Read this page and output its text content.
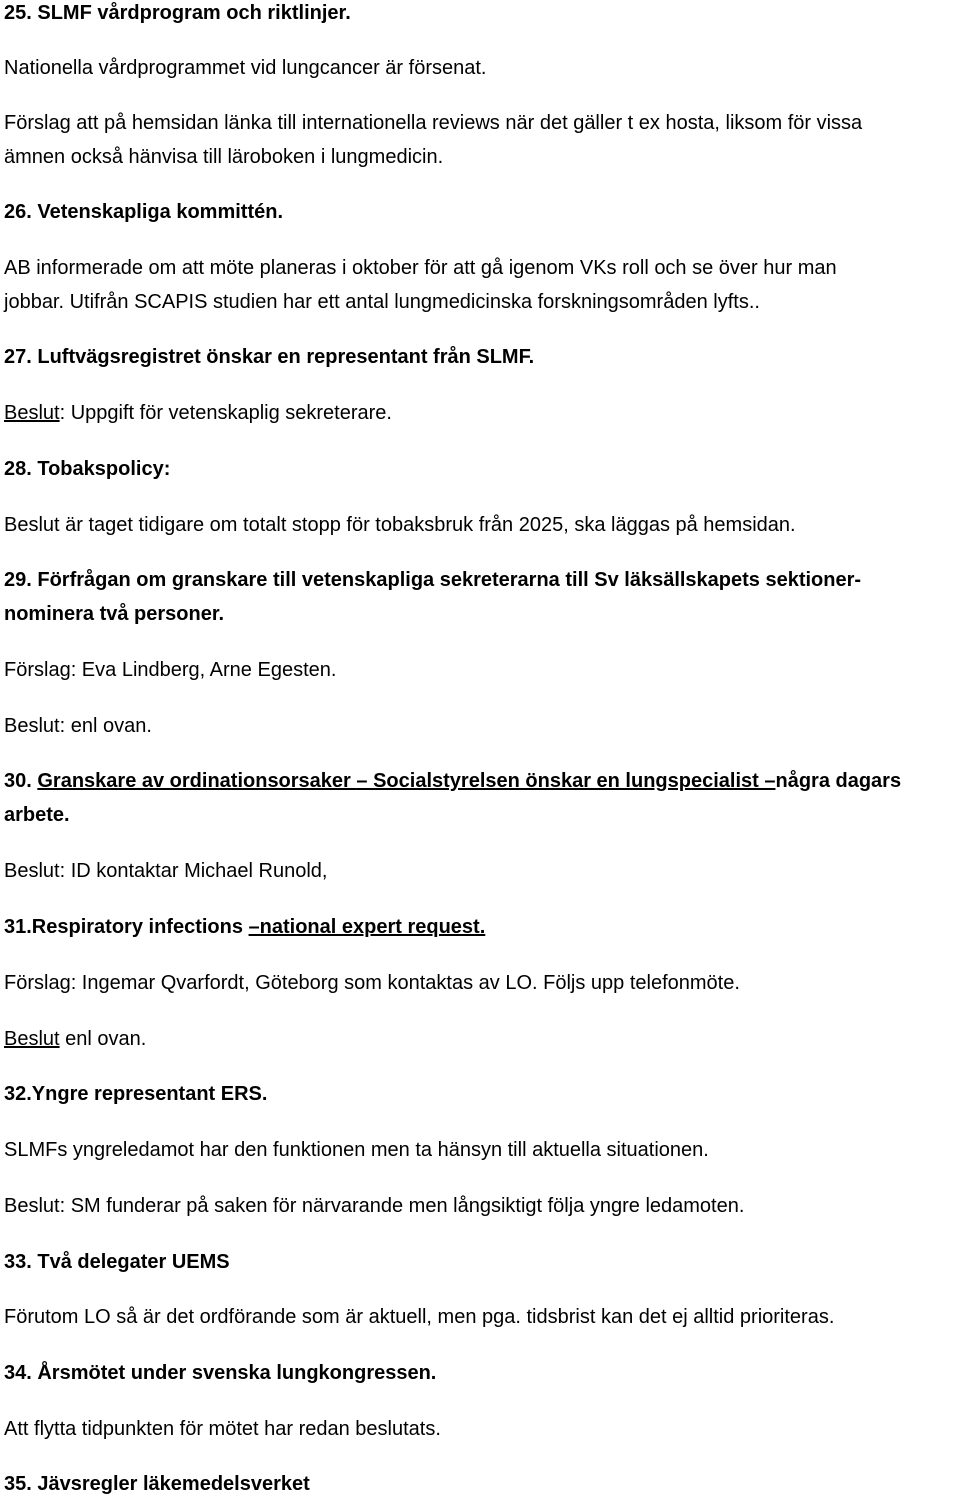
25. SLMF vårdprogram och riktlinjer.
Nationella vårdprogrammet vid lungcancer är försenat.
Förslag att på hemsidan länka till internationella reviews när det gäller t ex hosta, liksom för vissa
ämnen också hänvisa till läroboken i lungmedicin.
26. Vetenskapliga kommittén.
AB informerade om att möte planeras i oktober för att gå igenom VKs roll och se över hur man
jobbar. Utifrån SCAPIS studien har ett antal lungmedicinska forskningsområden lyfts..
27. Luftvägsregistret önskar en representant från SLMF.
Beslut: Uppgift för vetenskaplig sekreterare.
28. Tobakspolicy:
Beslut är taget tidigare om totalt stopp för tobaksbruk från 2025, ska läggas på hemsidan.
29. Förfrågan om granskare till vetenskapliga sekreterarna till Sv läksällskapets sektioner-
nominera två personer.
Förslag: Eva Lindberg, Arne Egesten.
Beslut: enl ovan.
30. Granskare av ordinationsorsaker – Socialstyrelsen önskar en lungspecialist –några dagars
arbete.
Beslut: ID kontaktar Michael Runold,
31.Respiratory infections –national expert request.
Förslag: Ingemar Qvarfordt, Göteborg som kontaktas av LO. Följs upp telefonmöte.
Beslut enl ovan.
32.Yngre representant ERS.
SLMFs yngreledamot har den funktionen men ta hänsyn till aktuella situationen.
Beslut: SM funderar på saken för närvarande men långsiktigt följa yngre ledamoten.
33. Två delegater UEMS
Förutom LO så är det ordförande som är aktuell, men pga. tidsbrist kan det ej alltid prioriteras.
34. Årsmötet under svenska lungkongressen.
Att flytta tidpunkten för mötet har redan beslutats.
35. Jävsregler läkemedelsverket
